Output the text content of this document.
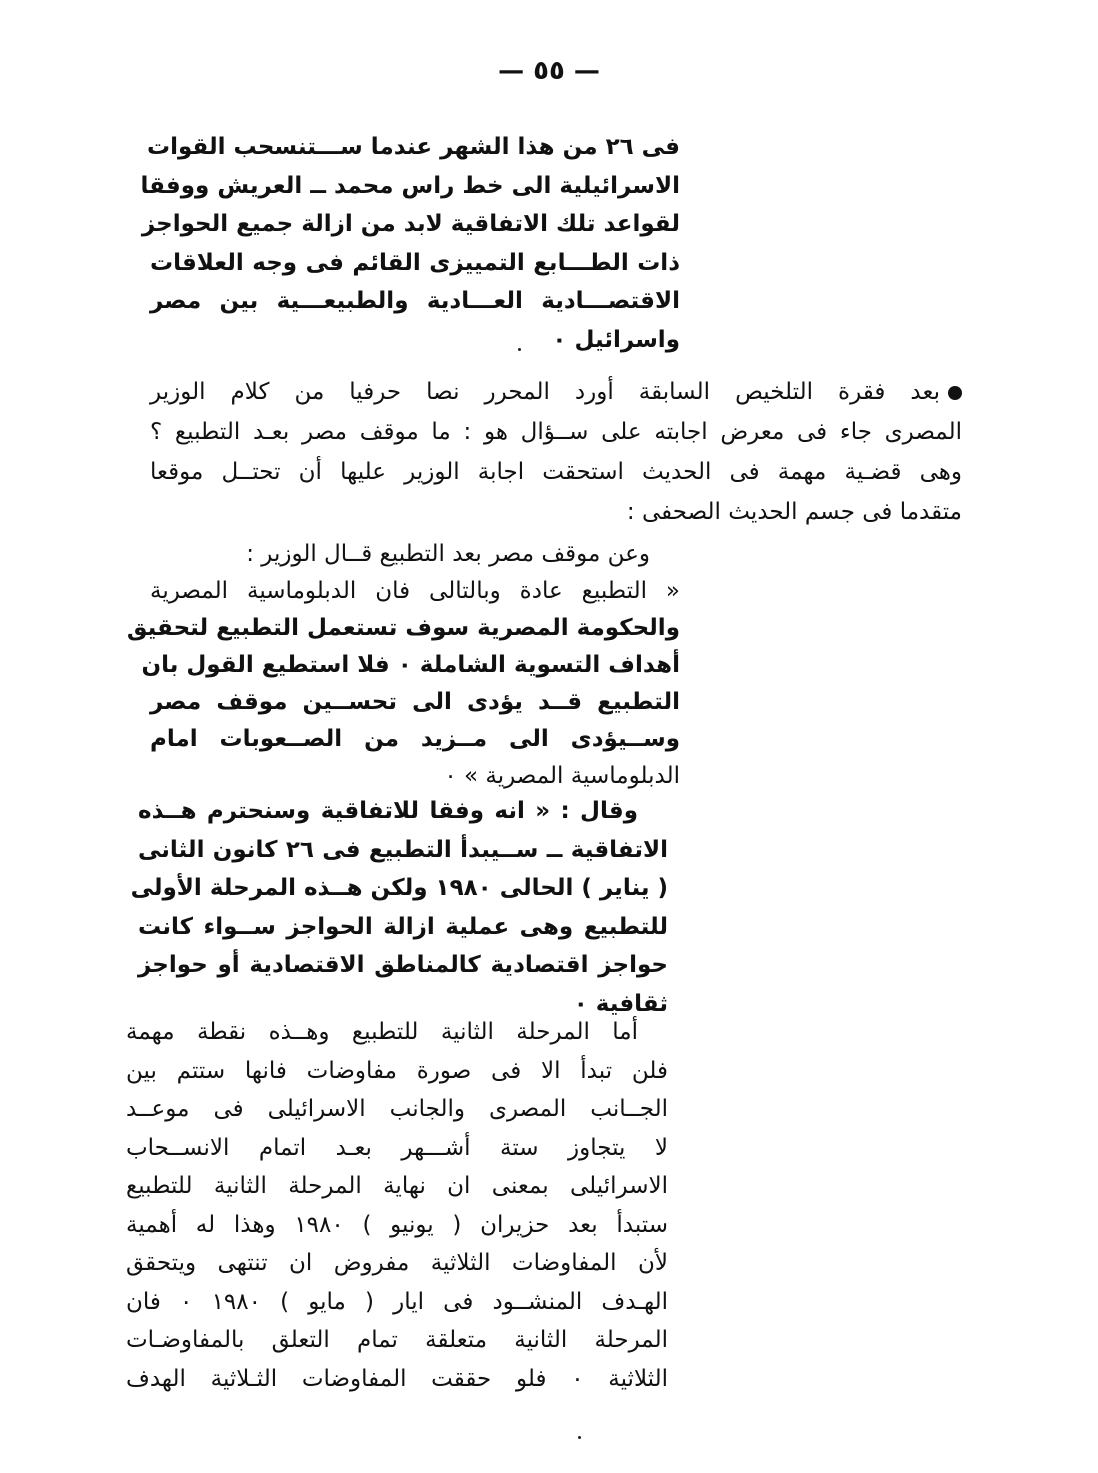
— ٥٥ —
فى ٢٦ من هذا الشهر عندما ســـتنسحب القوات
الاسرائيلية الى خط راس محمد ــ العريش ووفقا
لقواعد تلك الاتفاقية لابد من ازالة جميع الحواجز
ذات الطـــابع التمييزى القائم فى وجه العلاقات
الاقتصـــادية العـــادية والطبيعـــية بين مصر
واسرائيل ٠
بعد فقرة التلخيص السابقة أورد المحرر نصا حرفيا من كلام الوزير
المصرى جاء فى معرض اجابته على ســؤال هو : ما موقف مصر بعـد التطبيع ؟
وهى قضـية مهمة فى الحديث استحقت اجابة الوزير عليها أن تحتــل موقعا
متقدما فى جسم الحديث الصحفى :
وعن موقف مصر بعد التطبيع قــال الوزير :
« التطبيع عادة وبالتالى فان الدبلوماسية المصرية
والحكومة المصرية سوف تستعمل التطبيع لتحقيق
أهداف التسوية الشاملة ٠ فلا استطيع القول بان
التطبيع قــد يؤدى الى تحســين موقف مصر
وســيؤدى الى مــزيد من الصــعوبات امام
الدبلوماسية المصرية » ٠
وقال : « انه وفقا للاتفاقية وسنحترم هــذه
الاتفاقية ــ ســيبدأ التطبيع فى ٢٦ كانون الثانى
( يناير ) الحالى ١٩٨٠ ولكن هــذه المرحلة الأولى
للتطبيع وهى عملية ازالة الحواجز ســواء كانت
حواجز اقتصادية كالمناطق الاقتصادية أو حواجز
ثقافية ٠
أما المرحلة الثانية للتطبيع وهــذه نقطة مهمة
فلن تبدأ الا فى صورة مفاوضات فانها ستتم بين
الجــانب المصرى والجانب الاسرائيلى فى موعــد
لا يتجاوز ستة أشـــهر بعـد اتمام الانســحاب
الاسرائيلى بمعنى ان نهاية المرحلة الثانية للتطبيع
ستبدأ بعد حزيران ( يونيو ) ١٩٨٠ وهذا له أهمية
لأن المفاوضات الثلاثية مفروض ان تنتهى ويتحقق
الهـدف المنشــود فى ايار ( مايو ) ١٩٨٠ ٠ فان
المرحلة الثانية متعلقة تمام التعلق بالمفاوضـات
الثلاثية ٠ فلو حققت المفاوضات الثـلاثية الهدف
